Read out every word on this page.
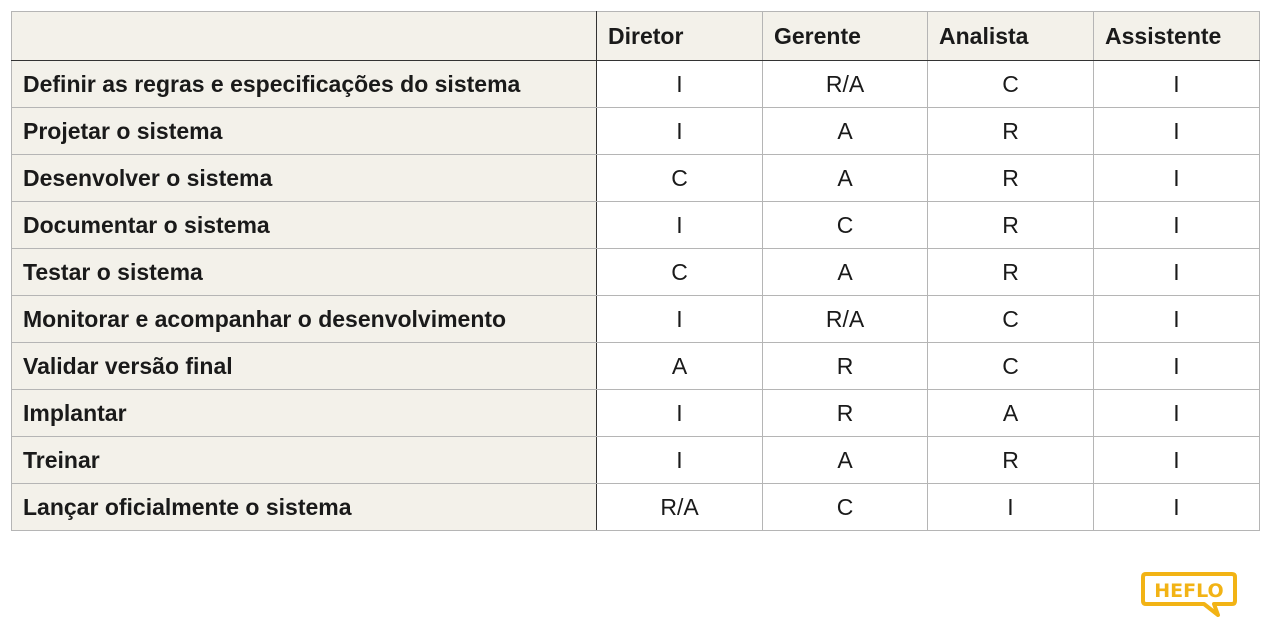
	Diretor	Gerente	Analista	Assistente
Definir as regras e especificações do sistema	I	R/A	C	I
Projetar o sistema	I	A	R	I
Desenvolver o sistema	C	A	R	I
Documentar o sistema	I	C	R	I
Testar o sistema	C	A	R	I
Monitorar e acompanhar o desenvolvimento	I	R/A	C	I
Validar versão final	A	R	C	I
Implantar	I	R	A	I
Treinar	I	A	R	I
Lançar oficialmente o sistema	R/A	C	I	I
HEFLO
